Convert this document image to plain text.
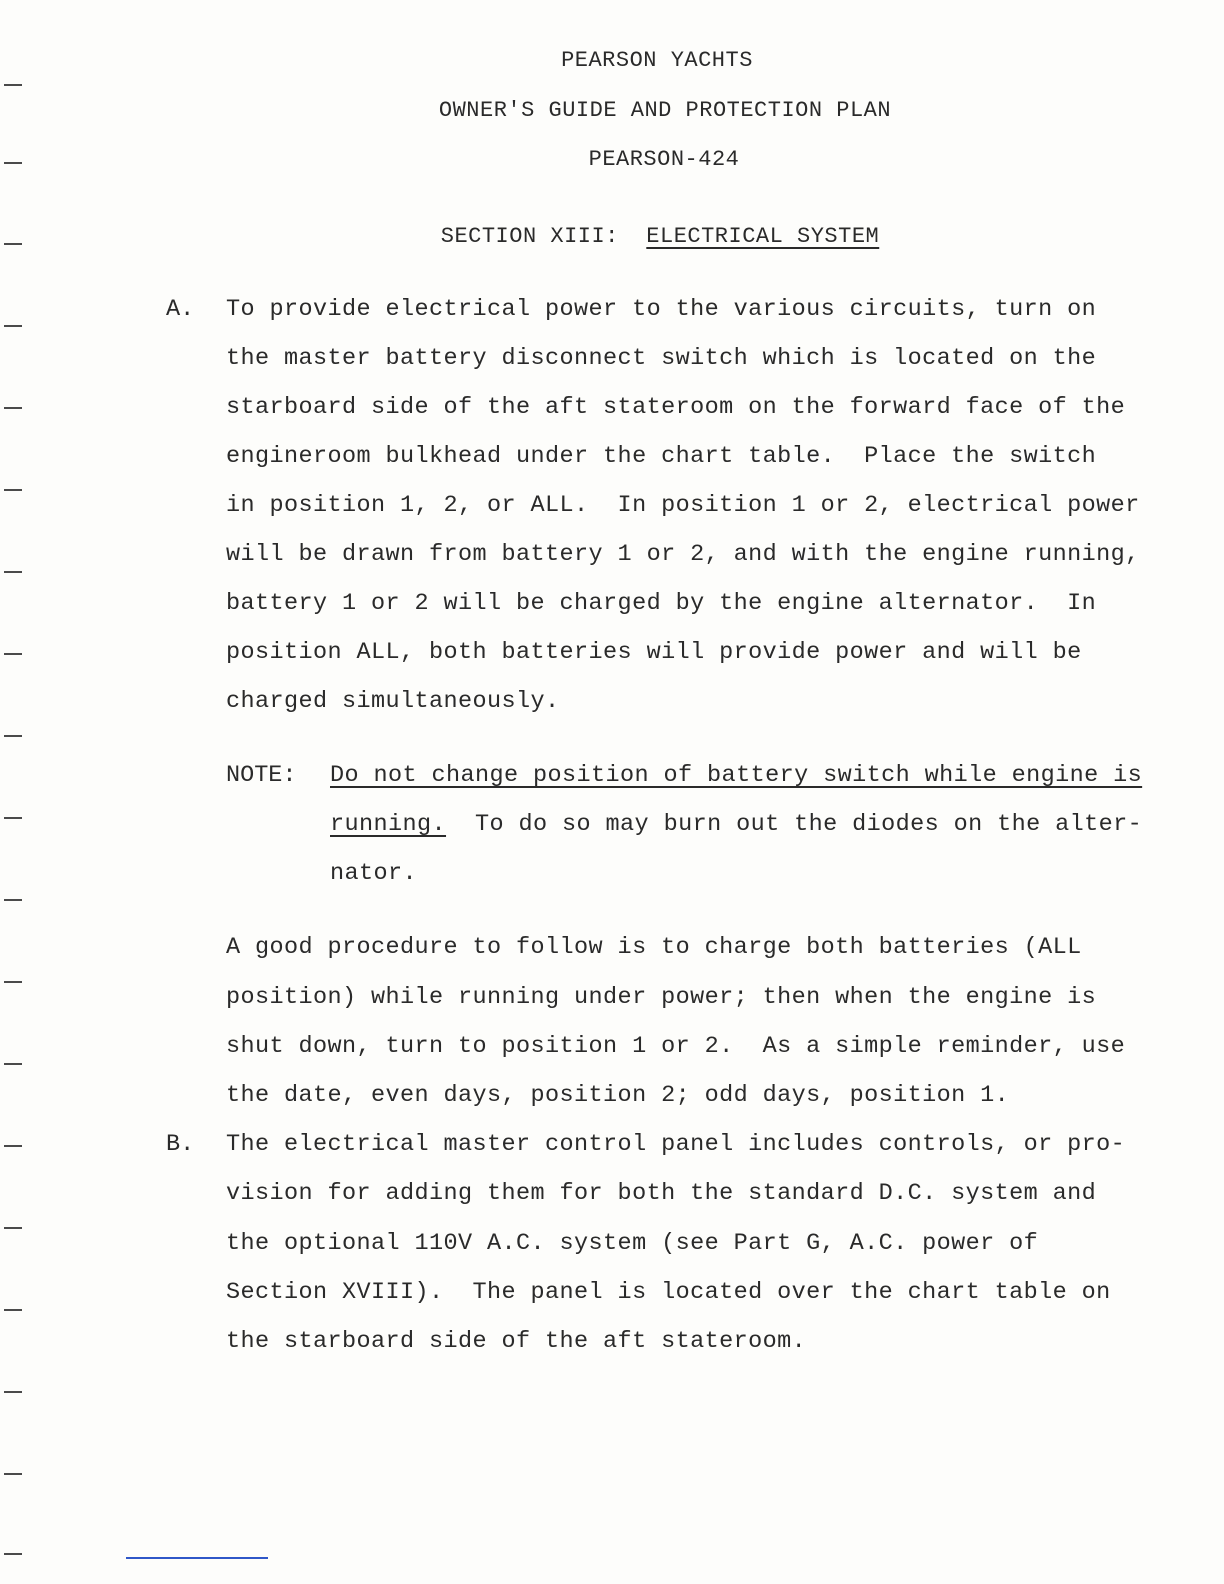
PEARSON YACHTS
OWNER'S GUIDE AND PROTECTION PLAN
PEARSON-424
SECTION XIII: ELECTRICAL SYSTEM
A. To provide electrical power to the various circuits, turn on
the master battery disconnect switch which is located on the
starboard side of the aft stateroom on the forward face of the
engineroom bulkhead under the chart table.  Place the switch
in position 1, 2, or ALL.  In position 1 or 2, electrical power
will be drawn from battery 1 or 2, and with the engine running,
battery 1 or 2 will be charged by the engine alternator.  In
position ALL, both batteries will provide power and will be
charged simultaneously.
NOTE: Do not change position of battery switch while engine is
running.  To do so may burn out the diodes on the alter-
nator.
A good procedure to follow is to charge both batteries (ALL
position) while running under power; then when the engine is
shut down, turn to position 1 or 2.  As a simple reminder, use
the date, even days, position 2; odd days, position 1.
B. The electrical master control panel includes controls, or pro-
vision for adding them for both the standard D.C. system and
the optional 110V A.C. system (see Part G, A.C. power of
Section XVIII).  The panel is located over the chart table on
the starboard side of the aft stateroom.
